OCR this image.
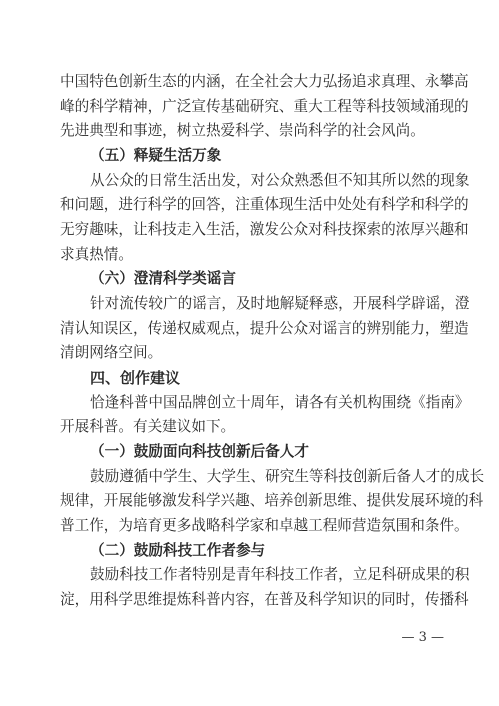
中国特色创新生态的内涵，在全社会大力弘扬追求真理、永攀高
峰的科学精神，广泛宣传基础研究、重大工程等科技领域涌现的
先进典型和事迹，树立热爱科学、崇尚科学的社会风尚。
（五）释疑生活万象
从公众的日常生活出发，对公众熟悉但不知其所以然的现象
和问题，进行科学的回答，注重体现生活中处处有科学和科学的
无穷趣味，让科技走入生活，激发公众对科技探索的浓厚兴趣和
求真热情。
（六）澄清科学类谣言
针对流传较广的谣言，及时地解疑释惑，开展科学辟谣，澄
清认知误区，传递权威观点，提升公众对谣言的辨别能力，塑造
清朗网络空间。
四、创作建议
恰逢科普中国品牌创立十周年，请各有关机构围绕《指南》
开展科普。有关建议如下。
（一）鼓励面向科技创新后备人才
鼓励遵循中学生、大学生、研究生等科技创新后备人才的成长
规律，开展能够激发科学兴趣、培养创新思维、提供发展环境的科
普工作，为培育更多战略科学家和卓越工程师营造氛围和条件。
（二）鼓励科技工作者参与
鼓励科技工作者特别是青年科技工作者，立足科研成果的积
淀，用科学思维提炼科普内容，在普及科学知识的同时，传播科
— 3 —
